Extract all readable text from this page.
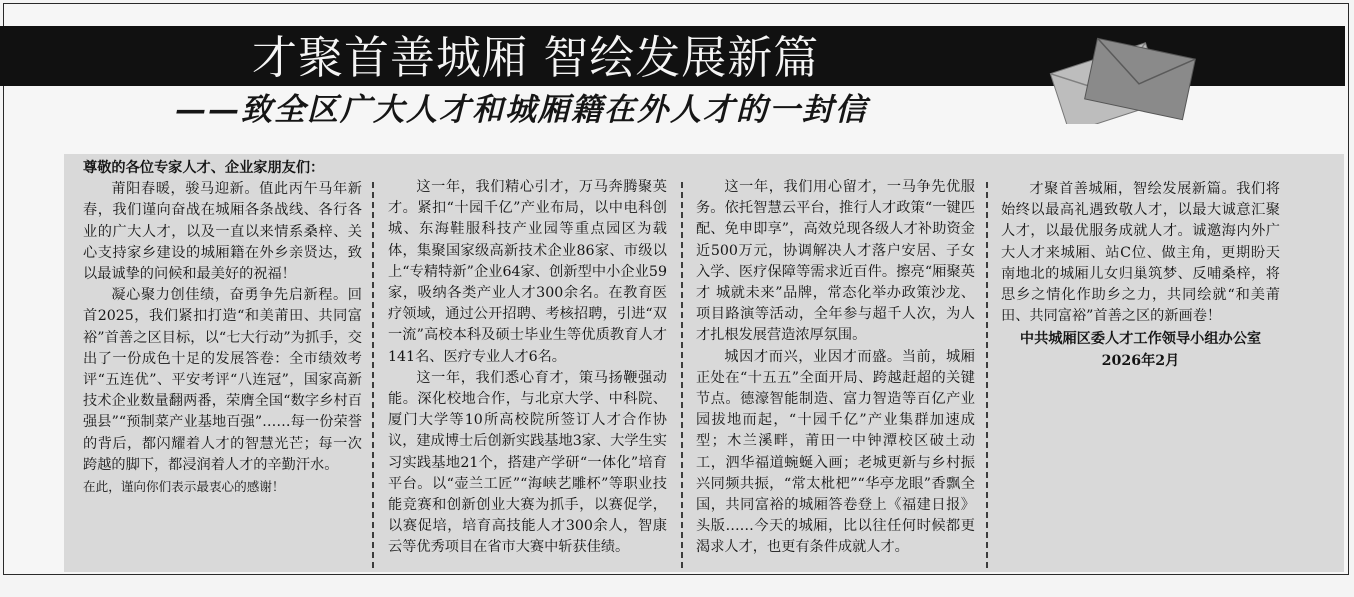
才聚首善城厢 智绘发展新篇
——致全区广大人才和城厢籍在外人才的一封信

尊敬的各位专家人才、企业家朋友们：

莆阳春暖，骏马迎新。值此丙午马年新春，我们谨向奋战在城厢各条战线、各行各业的广大人才，以及一直以来情系桑梓、关心支持家乡建设的城厢籍在外乡亲贤达，致以最诚挚的问候和最美好的祝福！

凝心聚力创佳绩，奋勇争先启新程。回首2025，我们紧扣打造“和美莆田、共同富裕”首善之区目标，以“七大行动”为抓手，交出了一份成色十足的发展答卷：全市绩效考评“五连优”、平安考评“八连冠”，国家高新技术企业数量翻两番，荣膺全国“数字乡村百强县”“预制菜产业基地百强”……每一份荣誉的背后，都闪耀着人才的智慧光芒；每一次跨越的脚下，都浸润着人才的辛勤汗水。

在此，谨向你们表示最衷心的感谢！

这一年，我们精心引才，万马奔腾聚英才。紧扣“十园千亿”产业布局，以中电科创城、东海鞋服科技产业园等重点园区为载体，集聚国家级高新技术企业86家、市级以上“专精特新”企业64家、创新型中小企业59家，吸纳各类产业人才300余名。在教育医疗领域，通过公开招聘、考核招聘，引进“双一流”高校本科及硕士毕业生等优质教育人才141名、医疗专业人才6名。

这一年，我们悉心育才，策马扬鞭强动能。深化校地合作，与北京大学、中科院、厦门大学等10所高校院所签订人才合作协议，建成博士后创新实践基地3家、大学生实习实践基地21个，搭建产学研“一体化”培育平台。以“壶兰工匠”“海峡艺雕杯”等职业技能竞赛和创新创业大赛为抓手，以赛促学，以赛促培，培育高技能人才300余人，智康云等优秀项目在省市大赛中斩获佳绩。

这一年，我们用心留才，一马争先优服务。依托智慧云平台，推行人才政策“一键匹配、免申即享”，高效兑现各级人才补助资金近500万元，协调解决人才落户安居、子女入学、医疗保障等需求近百件。擦亮“厢聚英才 城就未来”品牌，常态化举办政策沙龙、项目路演等活动，全年参与超千人次，为人才扎根发展营造浓厚氛围。

城因才而兴，业因才而盛。当前，城厢正处在“十五五”全面开局、跨越赶超的关键节点。德濠智能制造、富力智造等百亿产业园拔地而起，“十园千亿”产业集群加速成型；木兰溪畔，莆田一中钟潭校区破土动工，泗华福道蜿蜒入画；老城更新与乡村振兴同频共振，“常太枇杷”“华亭龙眼”香飘全国，共同富裕的城厢答卷登上《福建日报》头版……今天的城厢，比以往任何时候都更渴求人才，也更有条件成就人才。

才聚首善城厢，智绘发展新篇。我们将始终以最高礼遇致敬人才，以最大诚意汇聚人才，以最优服务成就人才。诚邀海内外广大人才来城厢、站C位、做主角，更期盼天南地北的城厢儿女归巢筑梦、反哺桑梓，将思乡之情化作助乡之力，共同绘就“和美莆田、共同富裕”首善之区的新画卷！

中共城厢区委人才工作领导小组办公室
2026年2月
